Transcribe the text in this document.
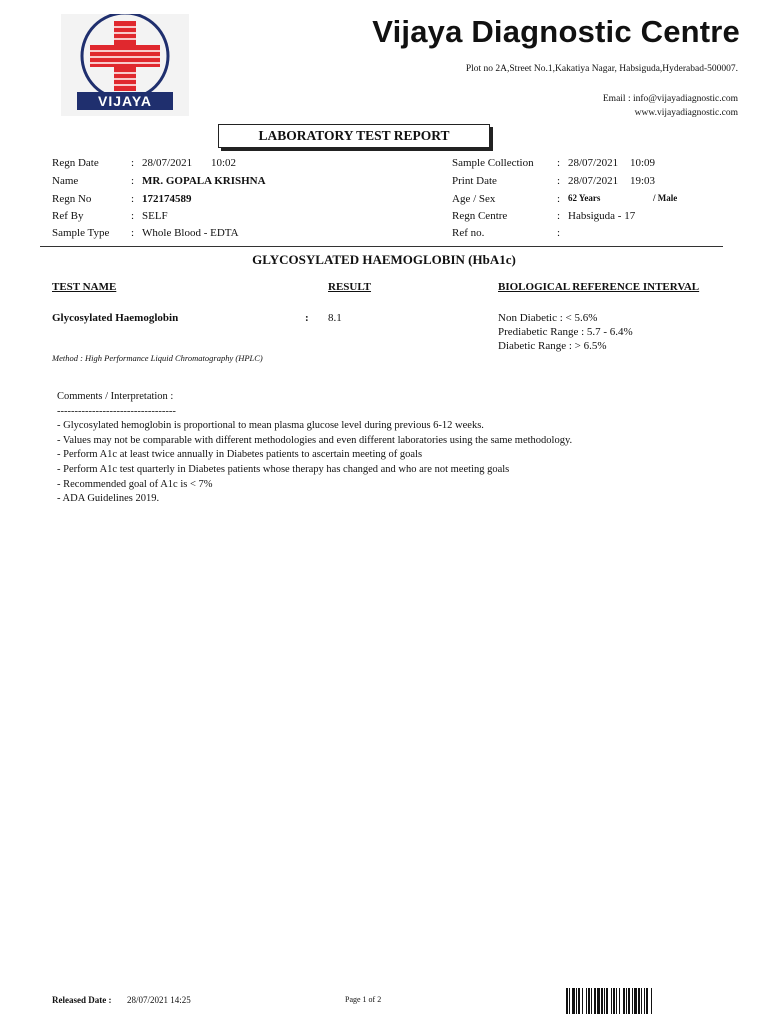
VIJAYA
Vijaya Diagnostic Centre
Plot no 2A,Street No.1,Kakatiya Nagar, Habsiguda,Hyderabad-500007.
Email : info@vijayadiagnostic.com
www.vijayadiagnostic.com
LABORATORY TEST REPORT
Regn Date	: 28/07/2021 10:02
Name	: MR. GOPALA KRISHNA
Regn No	: 172174589
Ref By	: SELF
Sample Type : Whole Blood - EDTA
Sample Collection : 28/07/2021 10:09
Print Date	: 28/07/2021 19:03
Age / Sex	: 62 Years	/ Male
Regn Centre	: Habsiguda - 17
Ref no.	:
GLYCOSYLATED HAEMOGLOBIN (HbA1c)
TEST NAME	RESULT	BIOLOGICAL REFERENCE INTERVAL
Glycosylated Haemoglobin	: 8.1	Non Diabetic : < 5.6%
Prediabetic Range : 5.7 - 6.4%
Diabetic Range : > 6.5%
Method : High Performance Liquid Chromatography (HPLC)
Comments / Interpretation :
----------------------------------
- Glycosylated hemoglobin is proportional to mean plasma glucose level during previous 6-12 weeks.
- Values may not be comparable with different methodologies and even different laboratories using the same methodology.
- Perform A1c at least twice annually in Diabetes patients to ascertain meeting of goals
- Perform A1c test quarterly in Diabetes patients whose therapy has changed and who are not meeting goals
- Recommended goal of A1c is < 7%
- ADA Guidelines 2019.
Released Date : 28/07/2021 14:25	Page 1 of 2
